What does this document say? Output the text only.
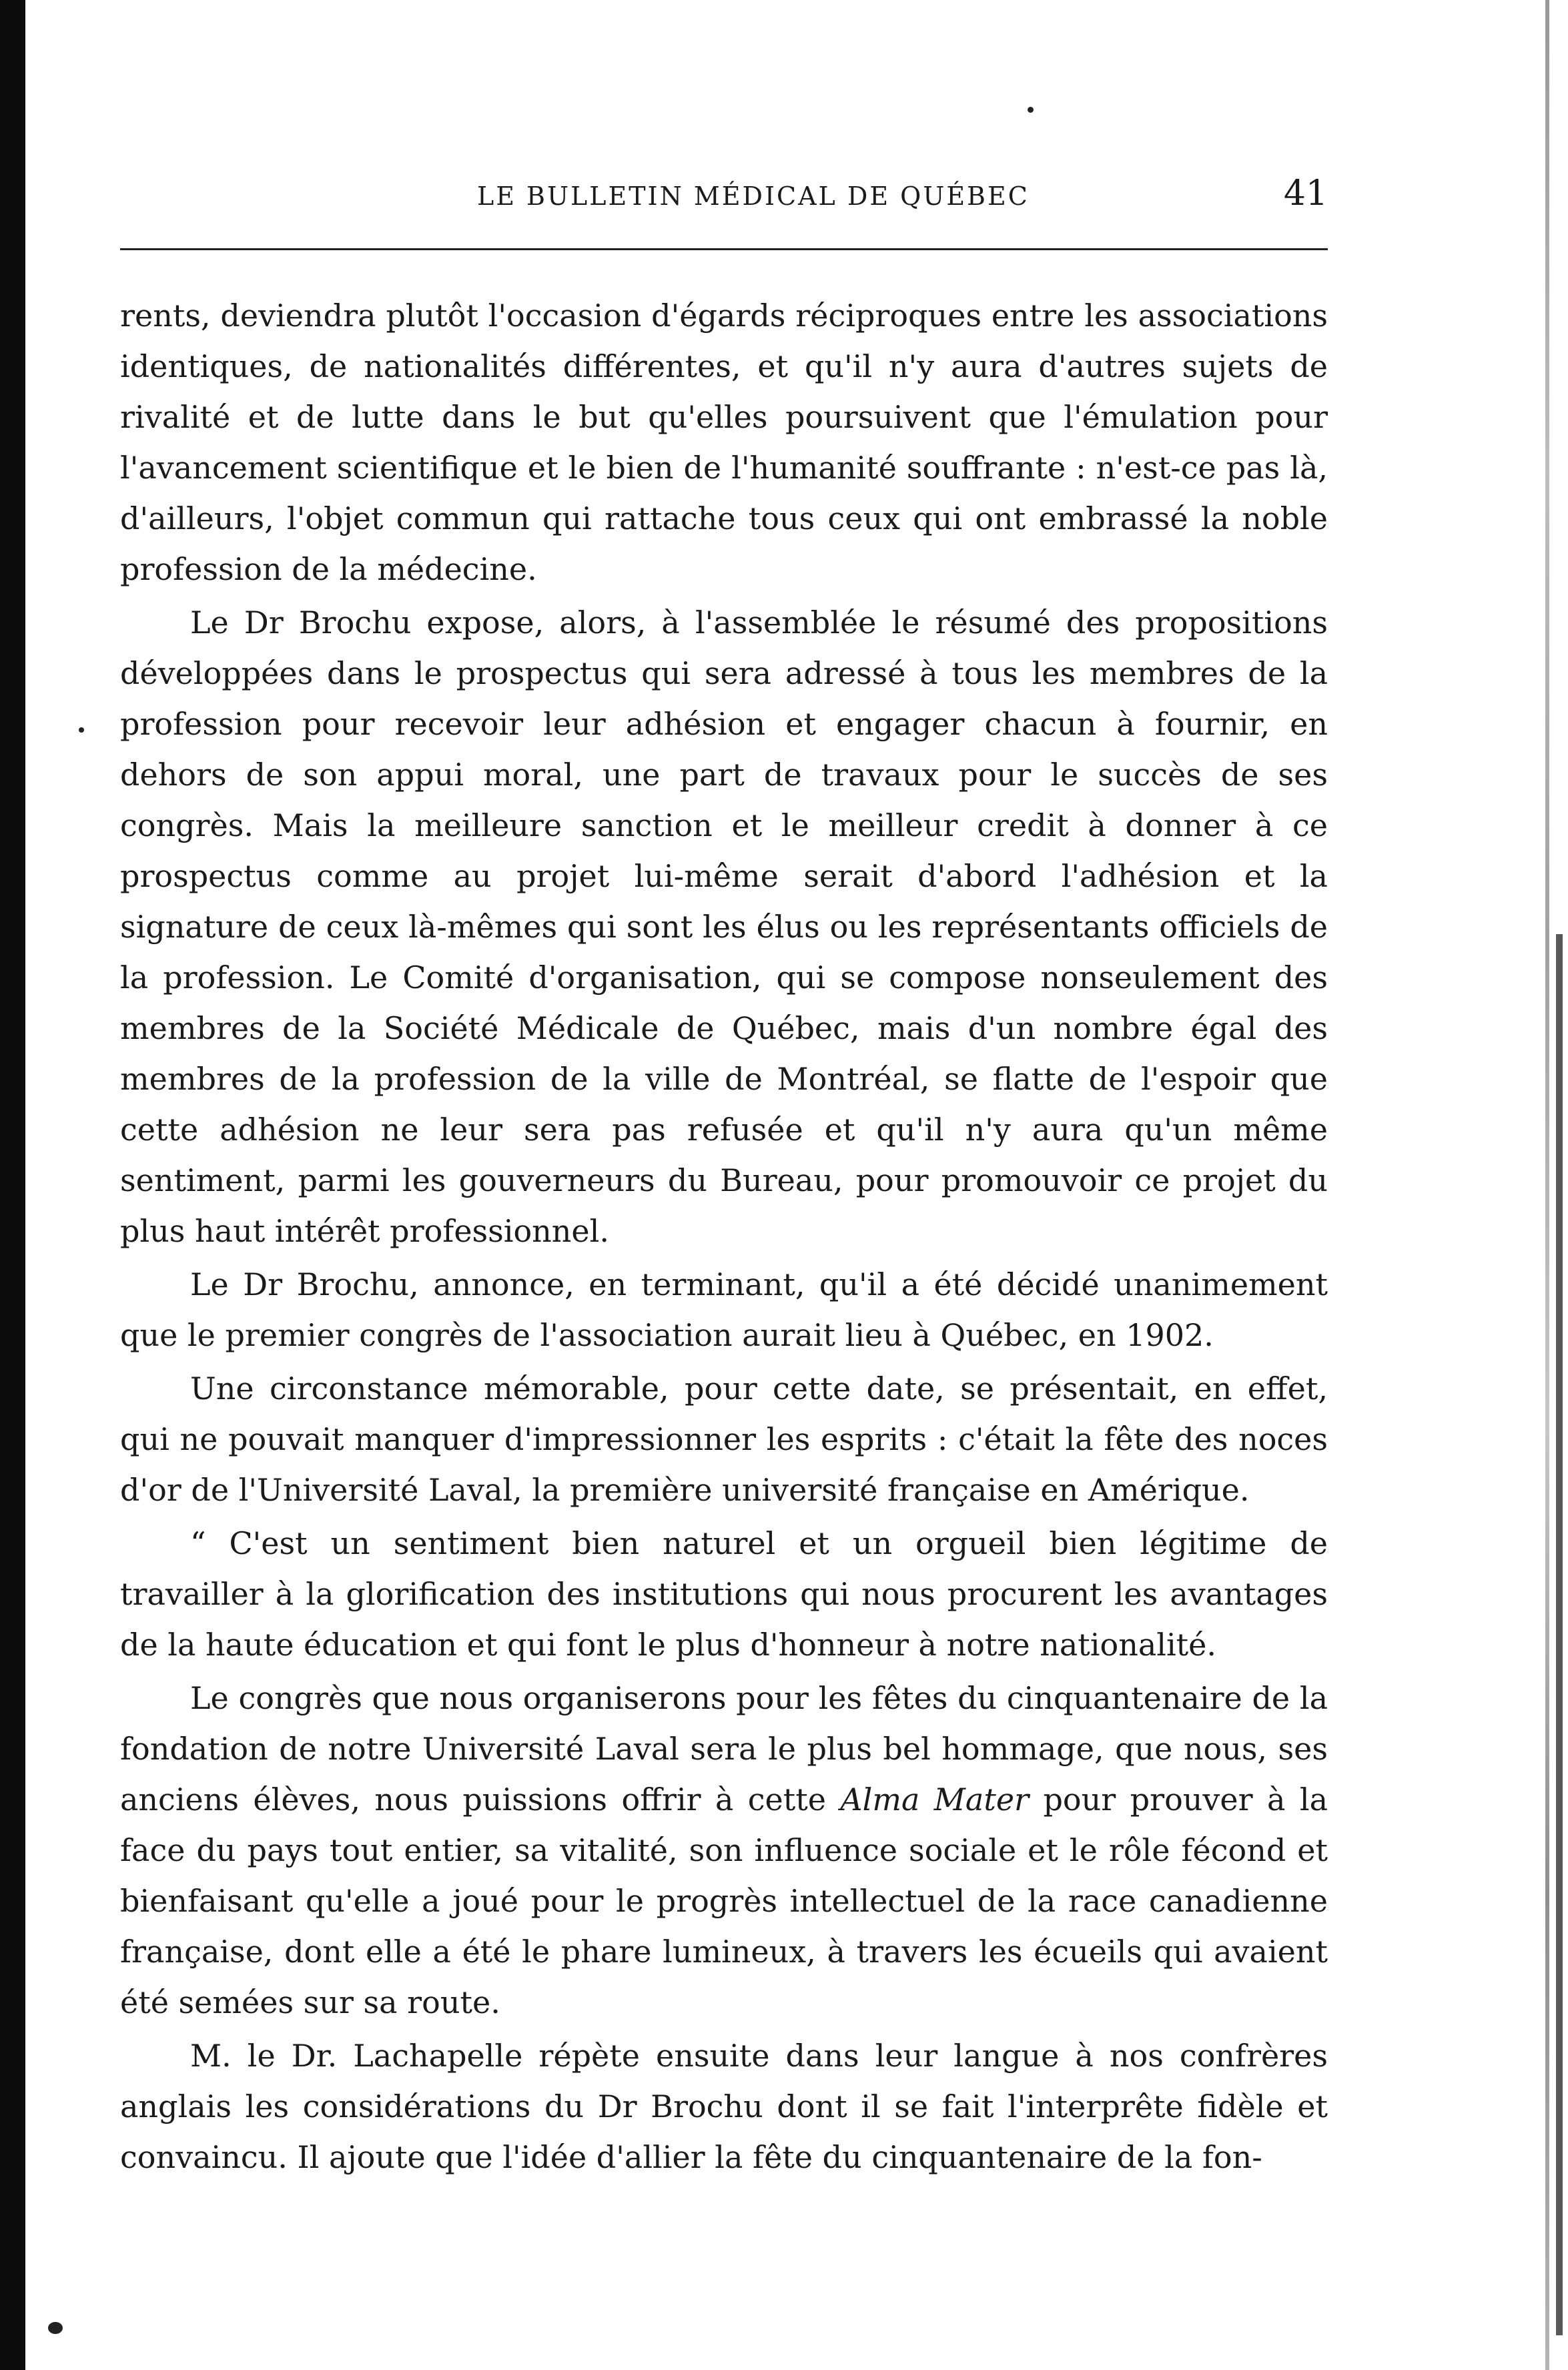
LE BULLETIN MÉDICAL DE QUÉBEC	41

rents, deviendra plutôt l'occasion d'égards réciproques entre les associations identiques, de nationalités différentes, et qu'il n'y aura d'autres sujets de rivalité et de lutte dans le but qu'elles poursuivent que l'émulation pour l'avancement scientifique et le bien de l'humanité souffrante : n'est-ce pas là, d'ailleurs, l'objet commun qui rattache tous ceux qui ont embrassé la noble profession de la médecine.

Le Dr Brochu expose, alors, à l'assemblée le résumé des propositions développées dans le prospectus qui sera adressé à tous les membres de la profession pour recevoir leur adhésion et engager chacun à fournir, en dehors de son appui moral, une part de travaux pour le succès de ses congrès. Mais la meilleure sanction et le meilleur credit à donner à ce prospectus comme au projet lui-même serait d'abord l'adhésion et la signature de ceux là-mêmes qui sont les élus ou les représentants officiels de la profession. Le Comité d'organisation, qui se compose nonseulement des membres de la Société Médicale de Québec, mais d'un nombre égal des membres de la profession de la ville de Montréal, se flatte de l'espoir que cette adhésion ne leur sera pas refusée et qu'il n'y aura qu'un même sentiment, parmi les gouverneurs du Bureau, pour promouvoir ce projet du plus haut intérêt professionnel.

Le Dr Brochu, annonce, en terminant, qu'il a été décidé unanimement que le premier congrès de l'association aurait lieu à Québec, en 1902.

Une circonstance mémorable, pour cette date, se présentait, en effet, qui ne pouvait manquer d'impressionner les esprits : c'était la fête des noces d'or de l'Université Laval, la première université française en Amérique.

“ C'est un sentiment bien naturel et un orgueil bien légitime de travailler à la glorification des institutions qui nous procurent les avantages de la haute éducation et qui font le plus d'honneur à notre nationalité.

Le congrès que nous organiserons pour les fêtes du cinquantenaire de la fondation de notre Université Laval sera le plus bel hommage, que nous, ses anciens élèves, nous puissions offrir à cette Alma Mater pour prouver à la face du pays tout entier, sa vitalité, son influence sociale et le rôle fécond et bienfaisant qu'elle a joué pour le progrès intellectuel de la race canadienne française, dont elle a été le phare lumineux, à travers les écueils qui avaient été semées sur sa route.

M. le Dr. Lachapelle répète ensuite dans leur langue à nos confrères anglais les considérations du Dr Brochu dont il se fait l'interprête fidèle et convaincu. Il ajoute que l'idée d'allier la fête du cinquantenaire de la fon-
